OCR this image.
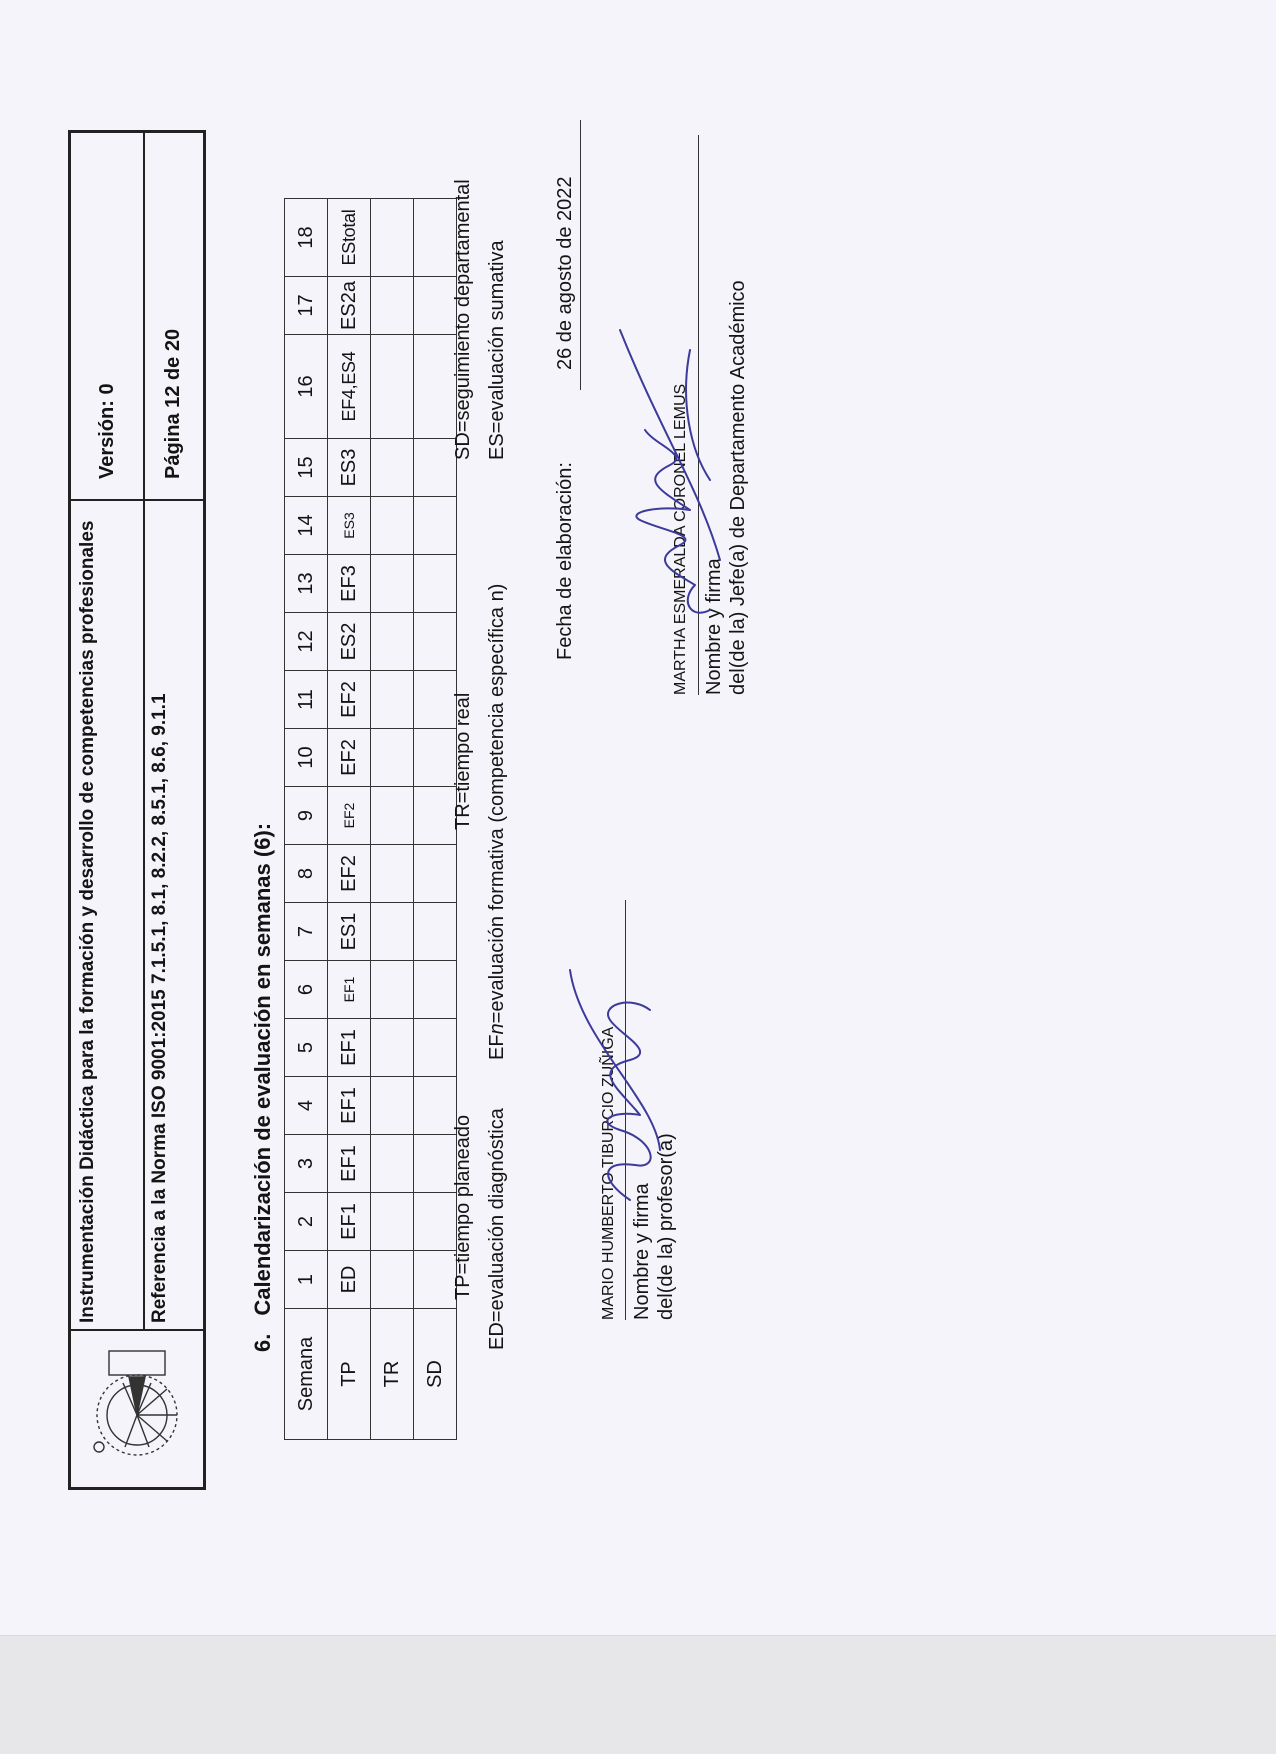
Instrumentación Didáctica para la formación y desarrollo de competencias profesionales
Versión: 0
Referencia a la Norma ISO 9001:2015 7.1.5.1, 8.1, 8.2.2, 8.5.1, 8.6, 9.1.1
Página 12 de 20
6.Calendarización de evaluación en semanas (6):
Semana	1	2	3	4	5	6	7	8	9	10	11	12	13	14	15	16	17	18
TP	ED	EF1	EF1	EF1	EF1	EF1	ES1	EF2	EF2	EF2	EF2	ES2	EF3	ES3	ES3	EF4,ES4	ES2a	EStotal
TR																		
SD																		
TP=tiempo planeado
TR=tiempo real
SD=seguimiento departamental
ED=evaluación diagnóstica
EFn=evaluación formativa (competencia específica n)
ES=evaluación sumativa
Fecha de elaboración:
26 de agosto de 2022
MARIO HUMBERTO TIBURCIO ZUÑIGA Nombre y firma del(de la) profesor(a)
MARTHA ESMERALDA CORONEL LEMUS Nombre y firma del(de la) Jefe(a) de Departamento Académico
